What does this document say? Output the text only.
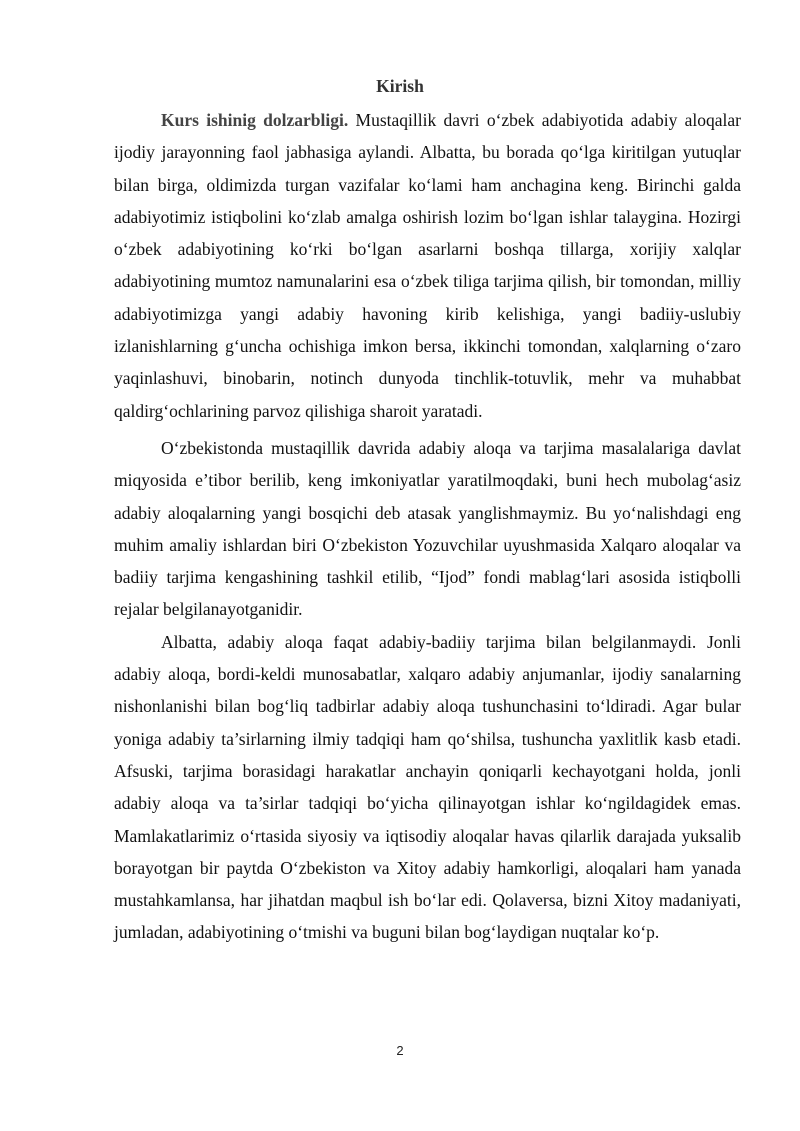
Kirish

Kurs ishinig dolzarbligi. Mustaqillik davri o‘zbek adabiyotida adabiy aloqalar ijodiy jarayonning faol jabhasiga aylandi. Albatta, bu borada qo‘lga kiritilgan yutuqlar bilan birga, oldimizda turgan vazifalar ko‘lami ham anchagina keng. Birinchi galda adabiyotimiz istiqbolini ko‘zlab amalga oshirish lozim bo‘lgan ishlar talaygina. Hozirgi o‘zbek adabiyotining ko‘rki bo‘lgan asarlarni boshqa tillarga, xorijiy xalqlar adabiyotining mumtoz namunalarini esa o‘zbek tiliga tarjima qilish, bir tomondan, milliy adabiyotimizga yangi adabiy havoning kirib kelishiga, yangi badiiy-uslubiy izlanishlarning g‘uncha ochishiga imkon bersa, ikkinchi tomondan, xalqlarning o‘zaro yaqinlashuvi, binobarin, notinch dunyoda tinchlik-totuvlik, mehr va muhabbat qaldirg‘ochlarining parvoz qilishiga sharoit yaratadi.

O‘zbekistonda mustaqillik davrida adabiy aloqa va tarjima masalalariga davlat miqyosida e’tibor berilib, keng imkoniyatlar yaratilmoqdaki, buni hech mubolag‘asiz adabiy aloqalarning yangi bosqichi deb atasak yanglishmaymiz. Bu yo‘nalishdagi eng muhim amaliy ishlardan biri O‘zbekiston Yozuvchilar uyushmasida Xalqaro aloqalar va badiiy tarjima kengashining tashkil etilib, “Ijod” fondi mablag‘lari asosida istiqbolli rejalar belgilanayotganidir.

Albatta, adabiy aloqa faqat adabiy-badiiy tarjima bilan belgilanmaydi. Jonli adabiy aloqa, bordi-keldi munosabatlar, xalqaro adabiy anjumanlar, ijodiy sanalarning nishonlanishi bilan bog‘liq tadbirlar adabiy aloqa tushunchasini to‘ldiradi. Agar bular yoniga adabiy ta’sirlarning ilmiy tadqiqi ham qo‘shilsa, tushuncha yaxlitlik kasb etadi. Afsuski, tarjima borasidagi harakatlar anchayin qoniqarli kechayotgani holda, jonli adabiy aloqa va ta’sirlar tadqiqi bo‘yicha qilinayotgan ishlar ko‘ngildagidek emas. Mamlakatlarimiz o‘rtasida siyosiy va iqtisodiy aloqalar havas qilarlik darajada yuksalib borayotgan bir paytda O‘zbekiston va Xitoy adabiy hamkorligi, aloqalari ham yanada mustahkamlansa, har jihatdan maqbul ish bo‘lar edi. Qolaversa, bizni Xitoy madaniyati, jumladan, adabiyotining o‘tmishi va buguni bilan bog‘laydigan nuqtalar ko‘p.

2
